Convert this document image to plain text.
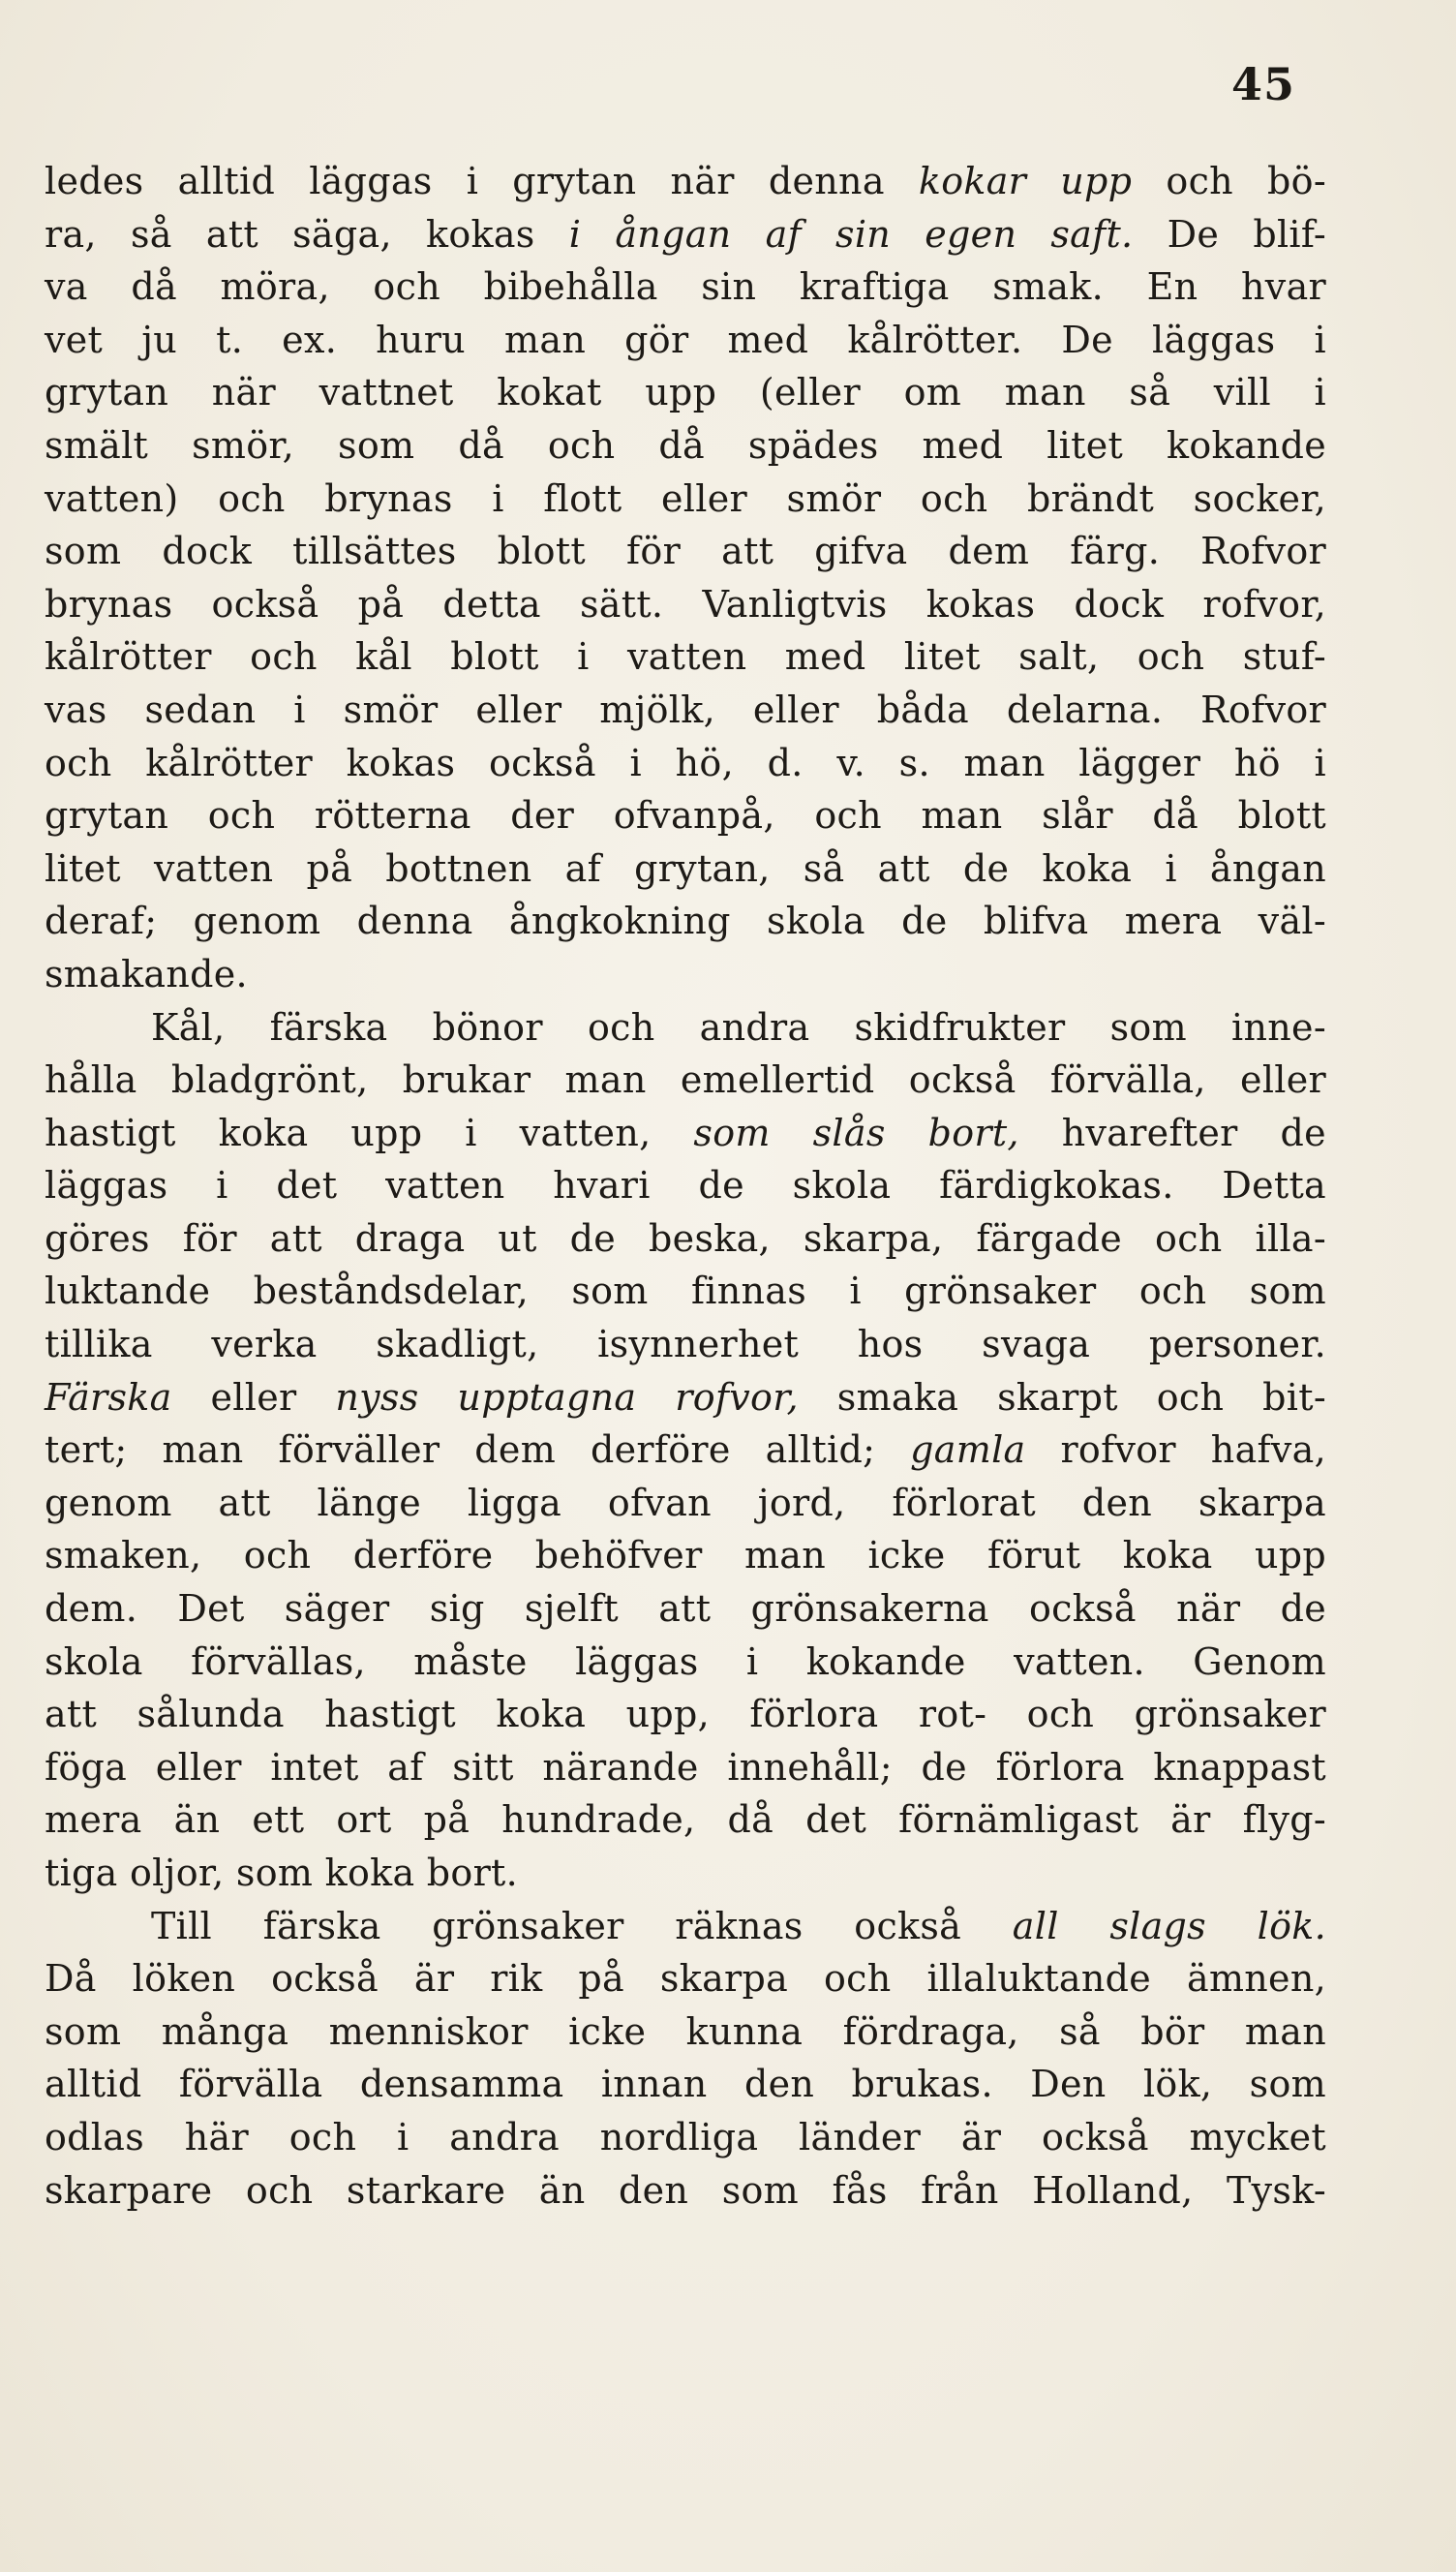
45
ledes alltid läggas i grytan när denna kokar upp och bö-
ra, så att säga, kokas i ångan af sin egen saft. De blif-
va då möra, och bibehålla sin kraftiga smak. En hvar
vet ju t. ex. huru man gör med kålrötter. De läggas i
grytan när vattnet kokat upp (eller om man så vill i
smält smör, som då och då spädes med litet kokande
vatten) och brynas i flott eller smör och brändt socker,
som dock tillsättes blott för att gifva dem färg. Rofvor
brynas också på detta sätt. Vanligtvis kokas dock rofvor,
kålrötter och kål blott i vatten med litet salt, och stuf-
vas sedan i smör eller mjölk, eller båda delarna. Rofvor
och kålrötter kokas också i hö, d. v. s. man lägger hö i
grytan och rötterna der ofvanpå, och man slår då blott
litet vatten på bottnen af grytan, så att de koka i ångan
deraf; genom denna ångkokning skola de blifva mera väl-
smakande.
Kål, färska bönor och andra skidfrukter som inne-
hålla bladgrönt, brukar man emellertid också förvälla, eller
hastigt koka upp i vatten, som slås bort, hvarefter de
läggas i det vatten hvari de skola färdigkokas. Detta
göres för att draga ut de beska, skarpa, färgade och illa-
luktande beståndsdelar, som finnas i grönsaker och som
tillika verka skadligt, isynnerhet hos svaga personer.
Färska eller nyss upptagna rofvor, smaka skarpt och bit-
tert; man förväller dem derföre alltid; gamla rofvor hafva,
genom att länge ligga ofvan jord, förlorat den skarpa
smaken, och derföre behöfver man icke förut koka upp
dem. Det säger sig sjelft att grönsakerna också när de
skola förvällas, måste läggas i kokande vatten. Genom
att sålunda hastigt koka upp, förlora rot- och grönsaker
föga eller intet af sitt närande innehåll; de förlora knappast
mera än ett ort på hundrade, då det förnämligast är flyg-
tiga oljor, som koka bort.
Till färska grönsaker räknas också all slags lök.
Då löken också är rik på skarpa och illaluktande ämnen,
som många menniskor icke kunna fördraga, så bör man
alltid förvälla densamma innan den brukas. Den lök, som
odlas här och i andra nordliga länder är också mycket
skarpare och starkare än den som fås från Holland, Tysk-
